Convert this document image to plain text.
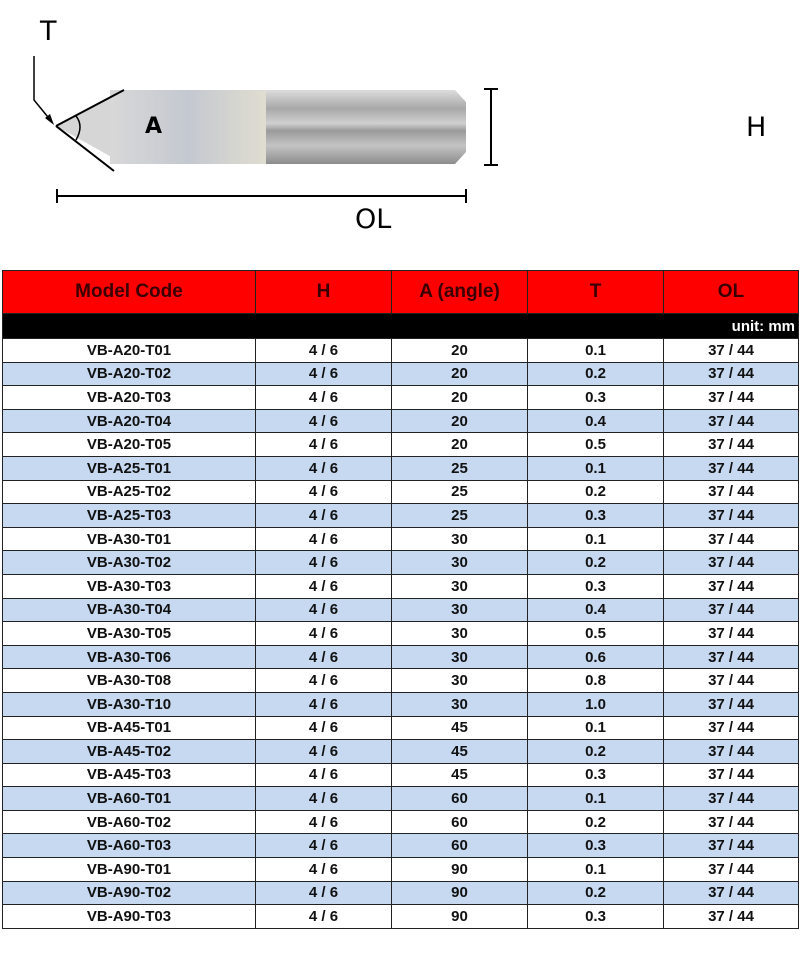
T
A	H
OL
Model Code	H	A (angle)	T	OL
unit: mm				
VB-A20-T01	4 / 6	20	0.1	37 / 44
VB-A20-T02	4 / 6	20	0.2	37 / 44
VB-A20-T03	4 / 6	20	0.3	37 / 44
VB-A20-T04	4 / 6	20	0.4	37 / 44
VB-A20-T05	4 / 6	20	0.5	37 / 44
VB-A25-T01	4 / 6	25	0.1	37 / 44
VB-A25-T02	4 / 6	25	0.2	37 / 44
VB-A25-T03	4 / 6	25	0.3	37 / 44
VB-A30-T01	4 / 6	30	0.1	37 / 44
VB-A30-T02	4 / 6	30	0.2	37 / 44
VB-A30-T03	4 / 6	30	0.3	37 / 44
VB-A30-T04	4 / 6	30	0.4	37 / 44
VB-A30-T05	4 / 6	30	0.5	37 / 44
VB-A30-T06	4 / 6	30	0.6	37 / 44
VB-A30-T08	4 / 6	30	0.8	37 / 44
VB-A30-T10	4 / 6	30	1.0	37 / 44
VB-A45-T01	4 / 6	45	0.1	37 / 44
VB-A45-T02	4 / 6	45	0.2	37 / 44
VB-A45-T03	4 / 6	45	0.3	37 / 44
VB-A60-T01	4 / 6	60	0.1	37 / 44
VB-A60-T02	4 / 6	60	0.2	37 / 44
VB-A60-T03	4 / 6	60	0.3	37 / 44
VB-A90-T01	4 / 6	90	0.1	37 / 44
VB-A90-T02	4 / 6	90	0.2	37 / 44
VB-A90-T03	4 / 6	90	0.3	37 / 44
